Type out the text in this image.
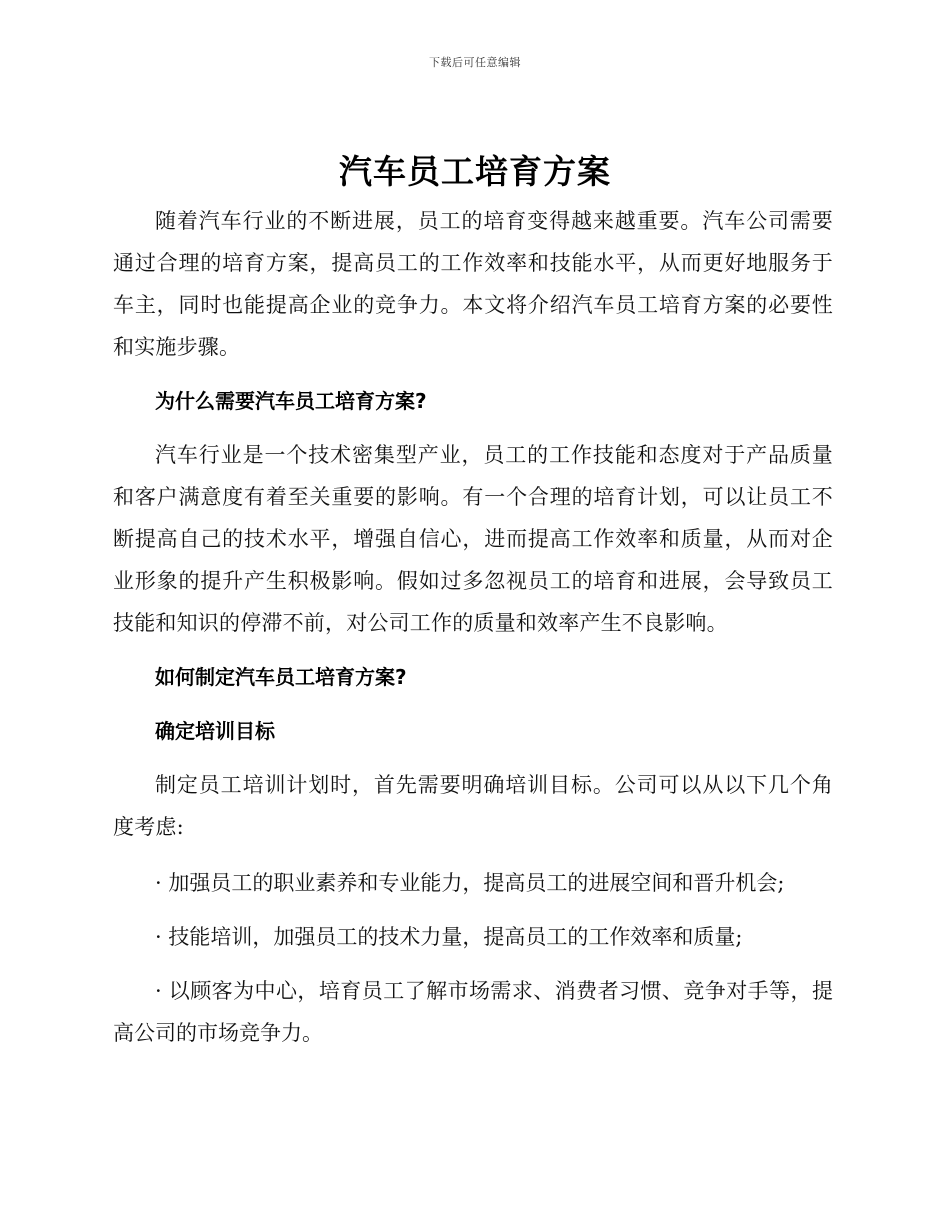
下载后可任意编辑
汽车员工培育方案

随着汽车行业的不断进展，员工的培育变得越来越重要。汽车公司需要通过合理的培育方案，提高员工的工作效率和技能水平，从而更好地服务于车主，同时也能提高企业的竞争力。本文将介绍汽车员工培育方案的必要性和实施步骤。

为什么需要汽车员工培育方案?

汽车行业是一个技术密集型产业，员工的工作技能和态度对于产品质量和客户满意度有着至关重要的影响。有一个合理的培育计划，可以让员工不断提高自己的技术水平，增强自信心，进而提高工作效率和质量，从而对企业形象的提升产生积极影响。假如过多忽视员工的培育和进展，会导致员工技能和知识的停滞不前，对公司工作的质量和效率产生不良影响。

如何制定汽车员工培育方案?

确定培训目标

制定员工培训计划时，首先需要明确培训目标。公司可以从以下几个角度考虑:

· 加强员工的职业素养和专业能力，提高员工的进展空间和晋升机会;

· 技能培训，加强员工的技术力量，提高员工的工作效率和质量;

· 以顾客为中心，培育员工了解市场需求、消费者习惯、竞争对手等，提高公司的市场竞争力。
